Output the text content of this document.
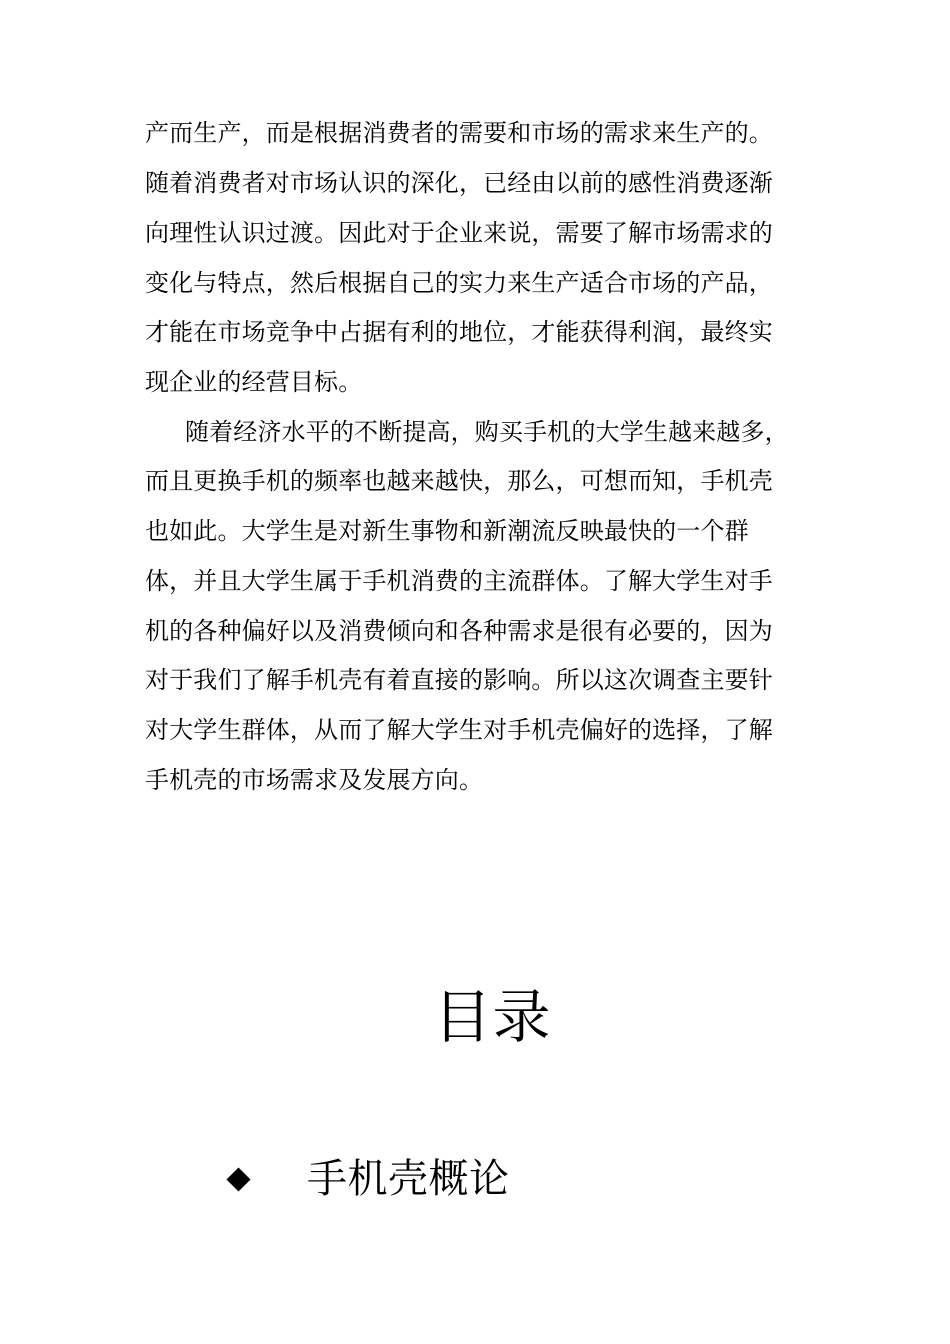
产而生产，而是根据消费者的需要和市场的需求来生产的。
随着消费者对市场认识的深化，已经由以前的感性消费逐渐
向理性认识过渡。因此对于企业来说，需要了解市场需求的
变化与特点，然后根据自己的实力来生产适合市场的产品，
才能在市场竞争中占据有利的地位，才能获得利润，最终实
现企业的经营目标。
随着经济水平的不断提高，购买手机的大学生越来越多，
而且更换手机的频率也越来越快，那么，可想而知，手机壳
也如此。大学生是对新生事物和新潮流反映最快的一个群
体，并且大学生属于手机消费的主流群体。了解大学生对手
机的各种偏好以及消费倾向和各种需求是很有必要的，因为
对于我们了解手机壳有着直接的影响。所以这次调查主要针
对大学生群体，从而了解大学生对手机壳偏好的选择，了解
手机壳的市场需求及发展方向。
目录
手机壳概论
